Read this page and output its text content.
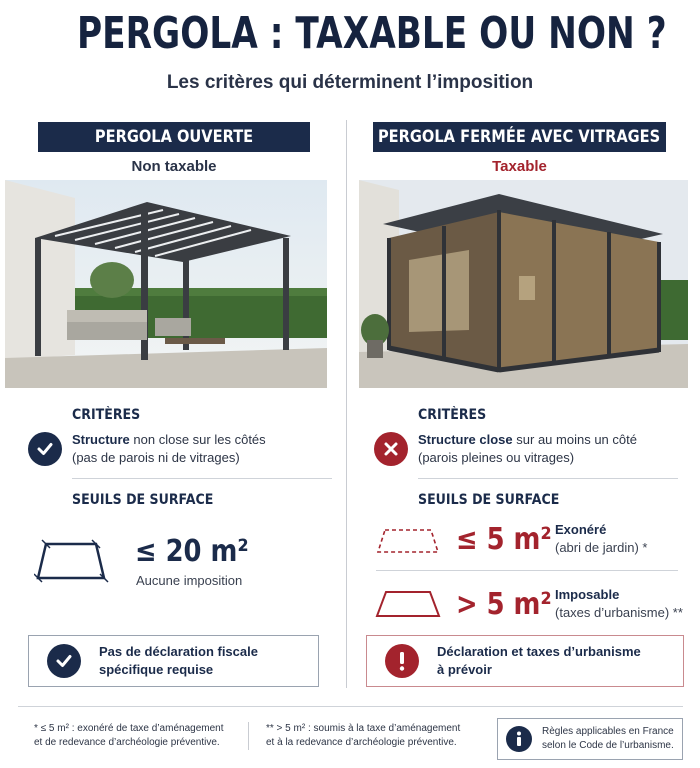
PERGOLA : TAXABLE OU NON ?
Les critères qui déterminent l’imposition
PERGOLA OUVERTE
Non taxable
CRITÈRES
Structure non close sur les côtés
(pas de parois ni de vitrages)
SEUILS DE SURFACE
≤ 20 m²
Aucune imposition
Pas de déclaration fiscale
spécifique requise
PERGOLA FERMÉE AVEC VITRAGES
Taxable
CRITÈRES
Structure close sur au moins un côté
(parois pleines ou vitrages)
SEUILS DE SURFACE
≤ 5 m² Exonéré
(abri de jardin) *
> 5 m² Imposable
(taxes d’urbanisme) **
Déclaration et taxes d’urbanisme
à prévoir
* ≤ 5 m² : exonéré de taxe d’aménagement
et de redevance d’archéologie préventive.
** > 5 m² : soumis à la taxe d’aménagement
et à la redevance d’archéologie préventive.
Règles applicables en France
selon le Code de l’urbanisme.
